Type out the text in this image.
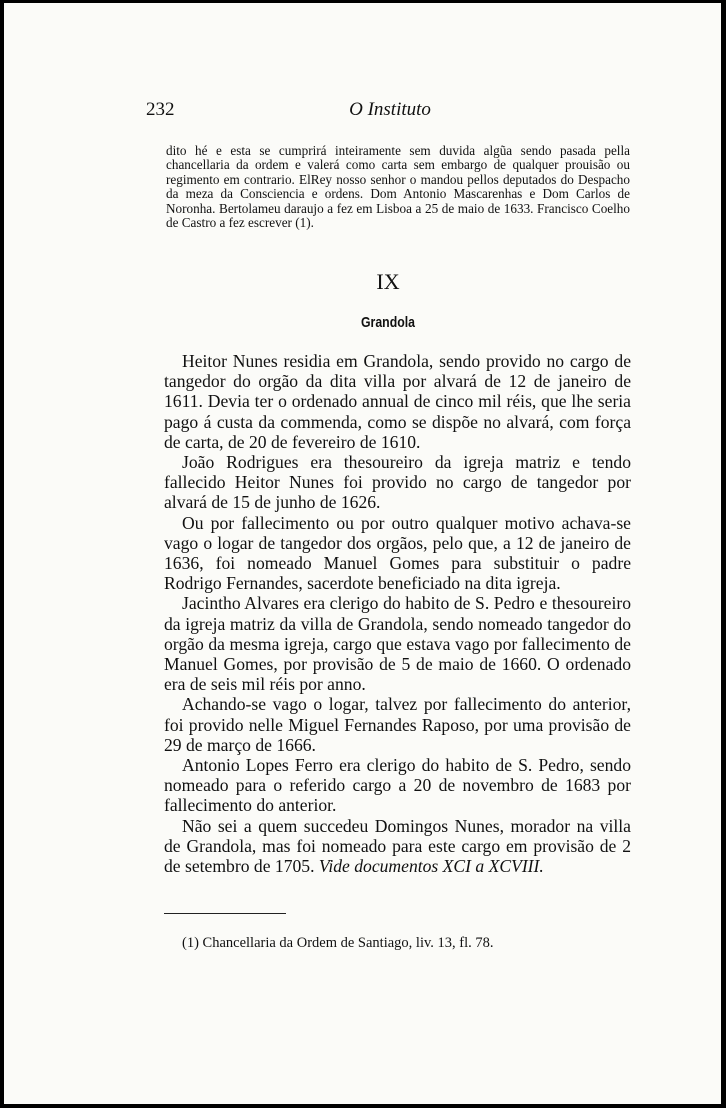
232	O Instituto

dito hé e esta se cumprirá inteiramente sem duvida algũa sendo pasada pella chancellaria da ordem e valerá como carta sem embargo de qualquer prouisão ou regimento em contrario. ElRey nosso senhor o mandou pellos deputados do Despacho da meza da Consciencia e ordens. Dom Antonio Mascarenhas e Dom Carlos de Noronha. Bertolameu daraujo a fez em Lisboa a 25 de maio de 1633. Francisco Coelho de Castro a fez escrever (1).

IX
Grandola

Heitor Nunes residia em Grandola, sendo provido no cargo de tangedor do orgão da dita villa por alvará de 12 de janeiro de 1611. Devia ter o ordenado annual de cinco mil réis, que lhe seria pago á custa da commenda, como se dispõe no alvará, com força de carta, de 20 de fevereiro de 1610.

João Rodrigues era thesoureiro da igreja matriz e tendo fallecido Heitor Nunes foi provido no cargo de tangedor por alvará de 15 de junho de 1626.

Ou por fallecimento ou por outro qualquer motivo achava-se vago o logar de tangedor dos orgãos, pelo que, a 12 de janeiro de 1636, foi nomeado Manuel Gomes para substituir o padre Rodrigo Fernandes, sacerdote beneficiado na dita igreja.

Jacintho Alvares era clerigo do habito de S. Pedro e thesoureiro da igreja matriz da villa de Grandola, sendo nomeado tangedor do orgão da mesma igreja, cargo que estava vago por fallecimento de Manuel Gomes, por provisão de 5 de maio de 1660. O ordenado era de seis mil réis por anno.

Achando-se vago o logar, talvez por fallecimento do anterior, foi provido nelle Miguel Fernandes Raposo, por uma provisão de 29 de março de 1666.

Antonio Lopes Ferro era clerigo do habito de S. Pedro, sendo nomeado para o referido cargo a 20 de novembro de 1683 por fallecimento do anterior.

Não sei a quem succedeu Domingos Nunes, morador na villa de Grandola, mas foi nomeado para este cargo em provisão de 2 de setembro de 1705. Vide documentos XCI a XCVIII.

(1) Chancellaria da Ordem de Santiago, liv. 13, fl. 78.
